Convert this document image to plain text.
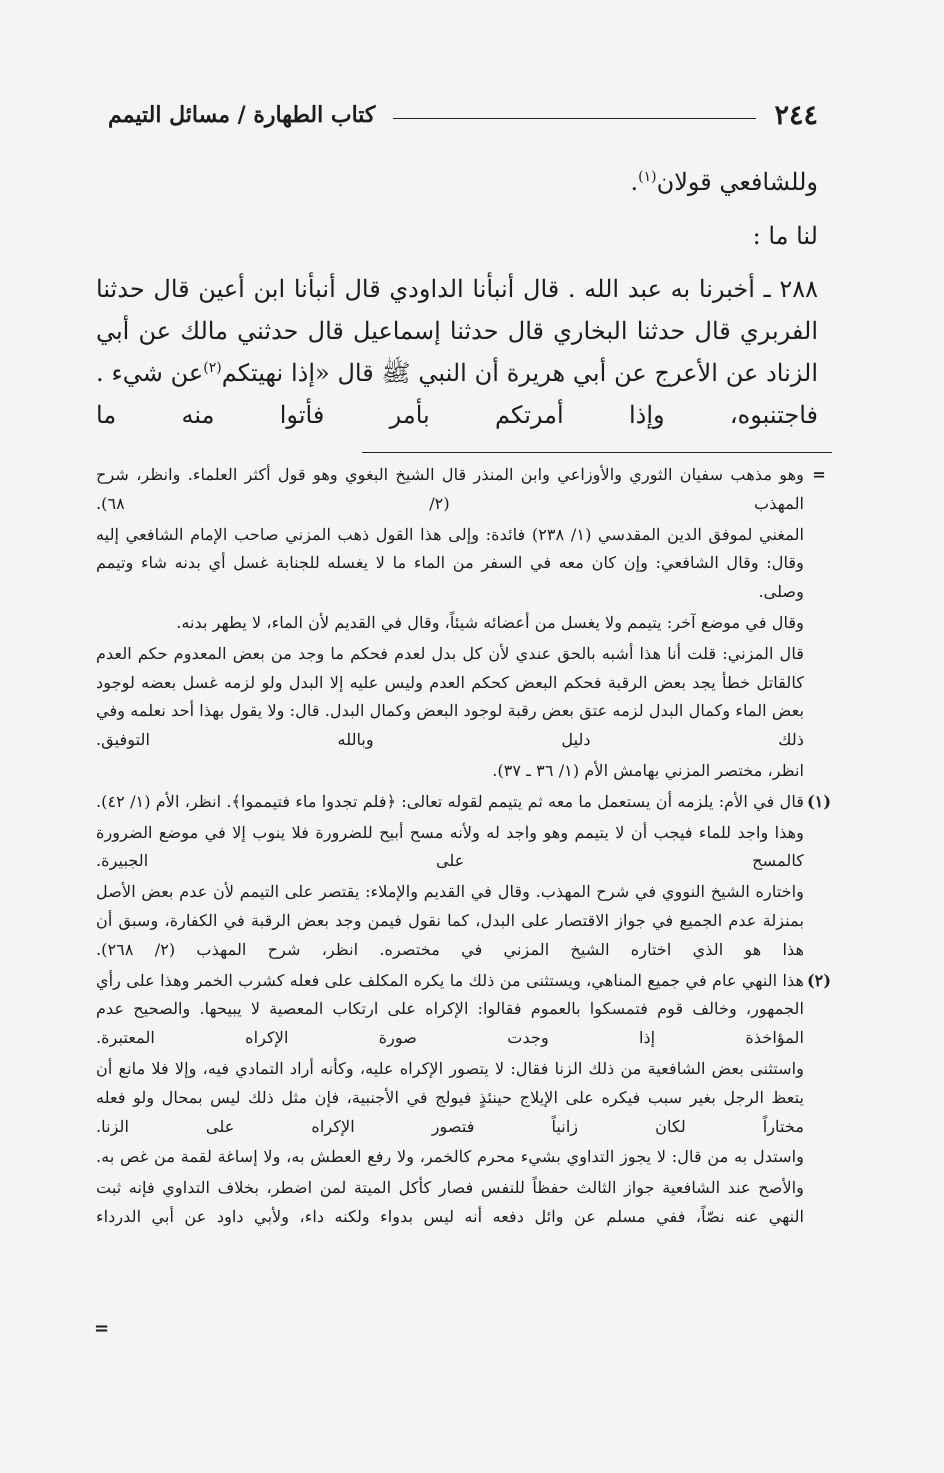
٢٤٤
كتاب الطهارة / مسائل التيمم

وللشافعي قولان$^{(١)}$.

لنا ما :

٢٨٨ ـ أخبرنا به عبد الله . قال أنبأنا الداودي قال أنبأنا ابن أعين قال حدثنا الفربري قال حدثنا البخاري قال حدثنا إسماعيل قال حدثني مالك عن أبي الزناد عن الأعرج عن أبي هريرة أن النبي ﷺ قال «إذا نهيتكم$^{(٢)}$عن شيء . فاجتنبوه، وإذا أمرتكم بأمر فأتوا منه ما

=

وهو مذهب سفيان الثوري والأوزاعي وابن المنذر قال الشيخ البغوي وهو قول أكثر العلماء. وانظر، شرح المهذب (٢/ ٦٨).

المغني لموفق الدين المقدسي (١/ ٢٣٨) فائدة: وإلى هذا القول ذهب المزني صاحب الإمام الشافعي إليه وقال: وقال الشافعي: وإن كان معه في السفر من الماء ما لا يغسله للجنابة غسل أي بدنه شاء وتيمم وصلى.

وقال في موضع آخر: يتيمم ولا يغسل من أعضائه شيئاً، وقال في القديم لأن الماء، لا يطهر بدنه.

قال المزني: قلت أنا هذا أشبه بالحق عندي لأن كل بدل لعدم فحكم ما وجد من بعض المعدوم حكم العدم كالقاتل خطأ يجد بعض الرقبة فحكم البعض كحكم العدم وليس عليه إلا البدل ولو لزمه غسل بعضه لوجود بعض الماء وكمال البدل لزمه عتق بعض رقبة لوجود البعض وكمال البدل. قال: ولا يقول بهذا أحد نعلمه وفي ذلك دليل وبالله التوفيق.

انظر، مختصر المزني بهامش الأم (١/ ٣٦ ـ ٣٧).

(١)

قال في الأم: يلزمه أن يستعمل ما معه ثم يتيمم لقوله تعالى: ﴿فلم تجدوا ماء فتيمموا﴾. انظر، الأم (١/ ٤٢).

وهذا واجد للماء فيجب أن لا يتيمم وهو واجد له ولأنه مسح أبيح للضرورة فلا ينوب إلا في موضع الضرورة كالمسح على الجبيرة.

واختاره الشيخ النووي في شرح المهذب. وقال في القديم والإملاء: يقتصر على التيمم لأن عدم بعض الأصل بمنزلة عدم الجميع في جواز الاقتصار على البدل، كما نقول فيمن وجد بعض الرقبة في الكفارة، وسبق أن هذا هو الذي اختاره الشيخ المزني في مختصره. انظر، شرح المهذب (٢/ ٢٦٨).

(٢)

هذا النهي عام في جميع المناهي، ويستثنى من ذلك ما يكره المكلف على فعله كشرب الخمر وهذا على رأي الجمهور، وخالف قوم فتمسكوا بالعموم فقالوا: الإكراه على ارتكاب المعصية لا يبيحها. والصحيح عدم المؤاخذة إذا وجدت صورة الإكراه المعتبرة.

واستثنى بعض الشافعية من ذلك الزنا فقال: لا يتصور الإكراه عليه، وكأنه أراد التمادي فيه، وإلا فلا مانع أن يتعظ الرجل بغير سبب فيكره على الإيلاج حينئذٍ فيولج في الأجنبية، فإن مثل ذلك ليس بمحال ولو فعله مختاراً لكان زانياً فتصور الإكراه على الزنا.

واستدل به من قال: لا يجوز التداوي بشيء محرم كالخمر، ولا رفع العطش به، ولا إساغة لقمة من غص به.

والأصح عند الشافعية جواز الثالث حفظاً للنفس فصار كأكل الميتة لمن اضطر، بخلاف التداوي فإنه ثبت النهي عنه نصّاً، ففي مسلم عن وائل دفعه أنه ليس بدواء ولكنه داء، ولأبي داود عن أبي الدرداء

=
